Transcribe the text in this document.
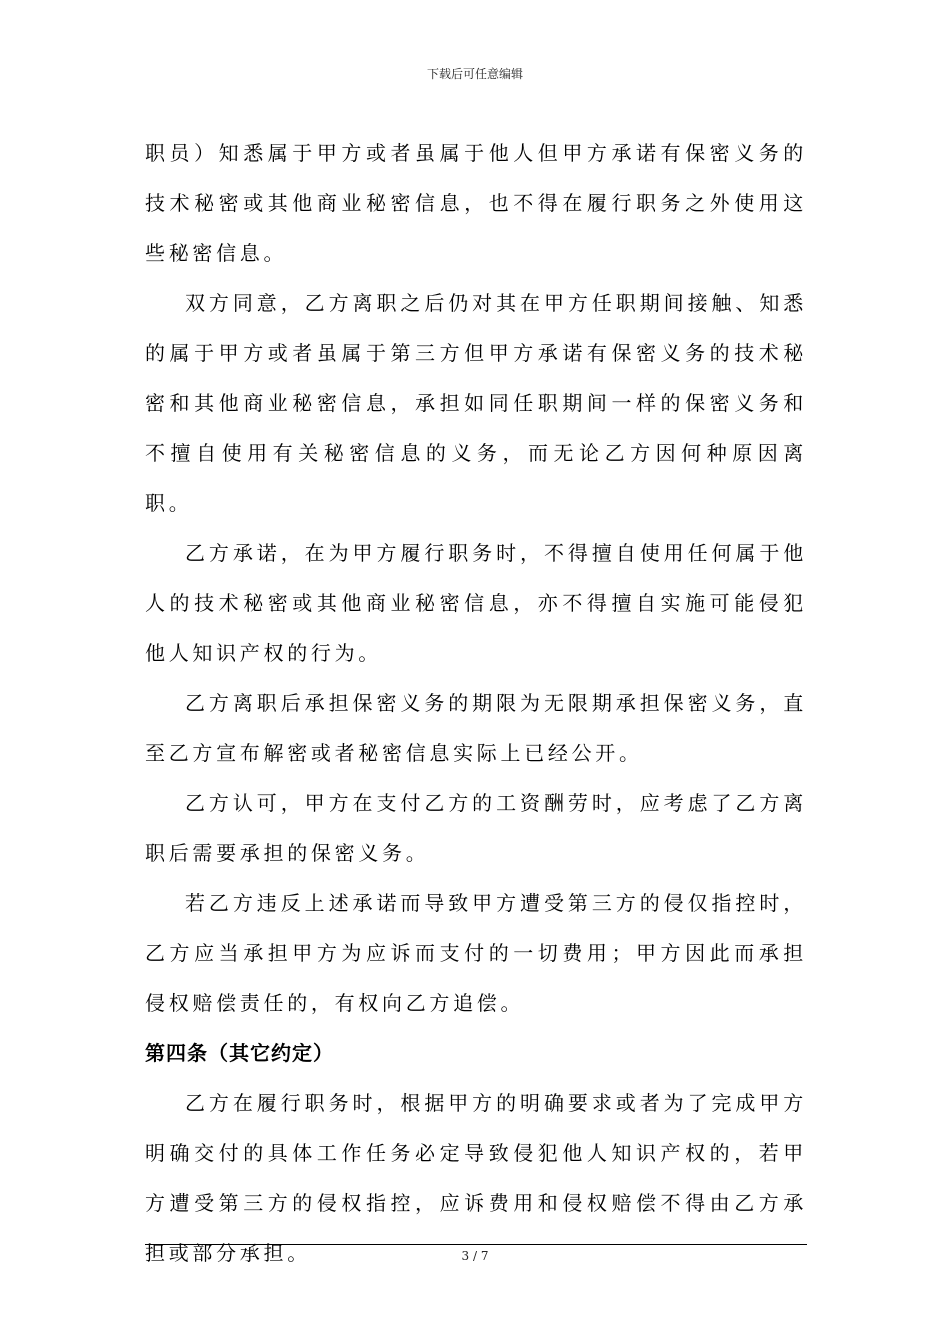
下载后可任意编辑

职员）知悉属于甲方或者虽属于他人但甲方承诺有保密义务的技术秘密或其他商业秘密信息，也不得在履行职务之外使用这些秘密信息。

双方同意，乙方离职之后仍对其在甲方任职期间接触、知悉的属于甲方或者虽属于第三方但甲方承诺有保密义务的技术秘密和其他商业秘密信息，承担如同任职期间一样的保密义务和不擅自使用有关秘密信息的义务，而无论乙方因何种原因离职。

乙方承诺，在为甲方履行职务时，不得擅自使用任何属于他人的技术秘密或其他商业秘密信息，亦不得擅自实施可能侵犯他人知识产权的行为。

乙方离职后承担保密义务的期限为无限期承担保密义务，直至乙方宣布解密或者秘密信息实际上已经公开。

乙方认可，甲方在支付乙方的工资酬劳时，应考虑了乙方离职后需要承担的保密义务。

若乙方违反上述承诺而导致甲方遭受第三方的侵仅指控时，乙方应当承担甲方为应诉而支付的一切费用；甲方因此而承担侵权赔偿责任的，有权向乙方追偿。

第四条（其它约定）

乙方在履行职务时，根据甲方的明确要求或者为了完成甲方明确交付的具体工作任务必定导致侵犯他人知识产权的，若甲方遭受第三方的侵权指控，应诉费用和侵权赔偿不得由乙方承担或部分承担。	3 / 7
